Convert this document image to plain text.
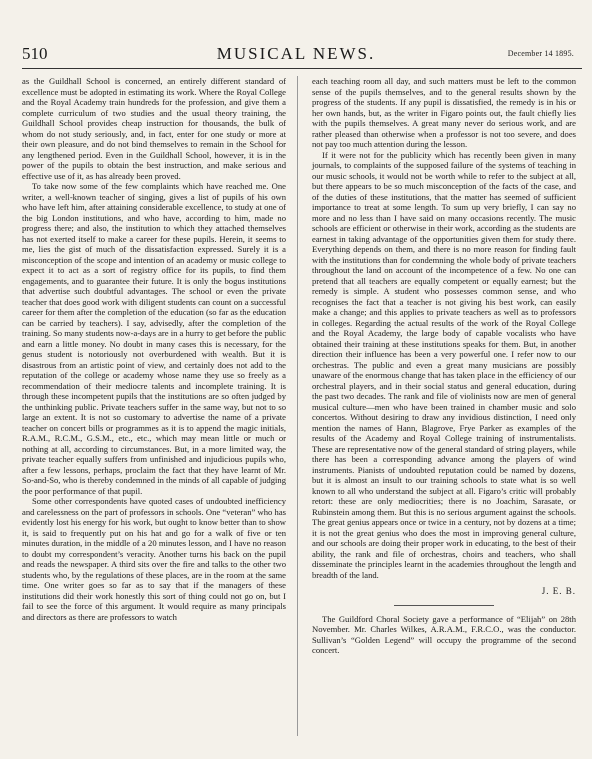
510	MUSICAL NEWS.	December 14 1895.

as the Guildhall School is concerned, an entirely different standard of excellence must be adopted in estimating its work. Where the Royal College and the Royal Academy train hundreds for the profession, and give them a complete curriculum of two studies and the usual theory training, the Guildhall School provides cheap instruction for thousands, the bulk of whom do not study seriously, and, in fact, enter for one study or more at their own pleasure, and do not bind themselves to remain in the School for any lengthened period. Even in the Guildhall School, however, it is in the power of the pupils to obtain the best instruction, and make serious and effective use of it, as has already been proved.

To take now some of the few complaints which have reached me. One writer, a well-known teacher of singing, gives a list of pupils of his own who have left him, after attaining considerable excellence, to study at one of the big London institutions, and who have, according to him, made no progress there; and also, the institution to which they attached themselves has not exerted itself to make a career for these pupils. Herein, it seems to me, lies the gist of much of the dissatisfaction expressed. Surely it is a misconception of the scope and intention of an academy or music college to expect it to act as a sort of registry office for its pupils, to find them engagements, and to guarantee their future. It is only the bogus institutions that advertise such doubtful advantages. The school or even the private teacher that does good work with diligent students can count on a successful career for them after the completion of the education (so far as the education can be carried by teachers). I say, advisedly, after the completion of the training. So many students now-a-days are in a hurry to get before the public and earn a little money. No doubt in many cases this is necessary, for the genus student is notoriously not overburdened with wealth. But it is disastrous from an artistic point of view, and certainly does not add to the reputation of the college or academy whose name they use so freely as a recommendation of their mediocre talents and incomplete training. It is through these incompetent pupils that the institutions are so often judged by the unthinking public. Private teachers suffer in the same way, but not to so large an extent. It is not so customary to advertise the name of a private teacher on concert bills or programmes as it is to append the magic initials, R.A.M., R.C.M., G.S.M., etc., etc., which may mean little or much or nothing at all, according to circumstances. But, in a more limited way, the private teacher equally suffers from unfinished and injudicious pupils who, after a few lessons, perhaps, proclaim the fact that they have learnt of Mr. So-and-So, who is thereby condemned in the minds of all capable of judging the poor performance of that pupil.

Some other correspondents have quoted cases of undoubted inefficiency and carelessness on the part of professors in schools. One “veteran” who has evidently lost his energy for his work, but ought to know better than to show it, is said to frequently put on his hat and go for a walk of five or ten minutes duration, in the middle of a 20 minutes lesson, and I have no reason to doubt my correspondent’s veracity. Another turns his back on the pupil and reads the newspaper. A third sits over the fire and talks to the other two students who, by the regulations of these places, are in the room at the same time. One writer goes so far as to say that if the managers of these institutions did their work honestly this sort of thing could not go on, but I fail to see the force of this argument. It would require as many principals and directors as there are professors to watch

each teaching room all day, and such matters must be left to the common sense of the pupils themselves, and to the general results shown by the progress of the students. If any pupil is dissatisfied, the remedy is in his or her own hands, but, as the writer in Figaro points out, the fault chiefly lies with the pupils themselves. A great many never do serious work, and are rather pleased than otherwise when a professor is not too severe, and does not pay too much attention during the lesson.

If it were not for the publicity which has recently been given in many journals, to complaints of the supposed failure of the systems of teaching in our music schools, it would not be worth while to refer to the subject at all, but there appears to be so much misconception of the facts of the case, and of the duties of these institutions, that the matter has seemed of sufficient importance to treat at some length. To sum up very briefly, I can say no more and no less than I have said on many occasions recently. The music schools are efficient or otherwise in their work, according as the students are earnest in taking advantage of the opportunities given them for study there. Everything depends on them, and there is no more reason for finding fault with the institutions than for condemning the whole body of private teachers throughout the land on account of the incompetence of a few. No one can pretend that all teachers are equally competent or equally earnest; but the remedy is simple. A student who possesses common sense, and who recognises the fact that a teacher is not giving his best work, can easily make a change; and this applies to private teachers as well as to professors in colleges. Regarding the actual results of the work of the Royal College and the Royal Academy, the large body of capable vocalists who have obtained their training at these institutions speaks for them. But, in another direction their influence has been a very powerful one. I refer now to our orchestras. The public and even a great many musicians are possibly unaware of the enormous change that has taken place in the efficiency of our orchestral players, and in their social status and general education, during the past two decades. The rank and file of violinists now are men of general musical culture—men who have been trained in chamber music and solo concertos. Without desiring to draw any invidious distinction, I need only mention the names of Hann, Blagrove, Frye Parker as examples of the results of the Academy and Royal College training of instrumentalists. These are representative now of the general standard of string players, while there has been a corresponding advance among the players of wind instruments. Pianists of undoubted reputation could be named by dozens, but it is almost an insult to our training schools to state what is so well known to all who understand the subject at all. Figaro’s critic will probably retort: these are only mediocrities; there is no Joachim, Sarasate, or Rubinstein among them. But this is no serious argument against the schools. The great genius appears once or twice in a century, not by dozens at a time; it is not the great genius who does the most in improving general culture, and our schools are doing their proper work in educating, to the best of their ability, the rank and file of orchestras, choirs and teachers, who shall disseminate the principles learnt in the academies throughout the length and breadth of the land.

J. E. B.

The Guildford Choral Society gave a performance of “Elijah” on 28th November. Mr. Charles Wilkes, A.R.A.M., F.R.C.O., was the conductor. Sullivan’s “Golden Legend” will occupy the programme of the second concert.
